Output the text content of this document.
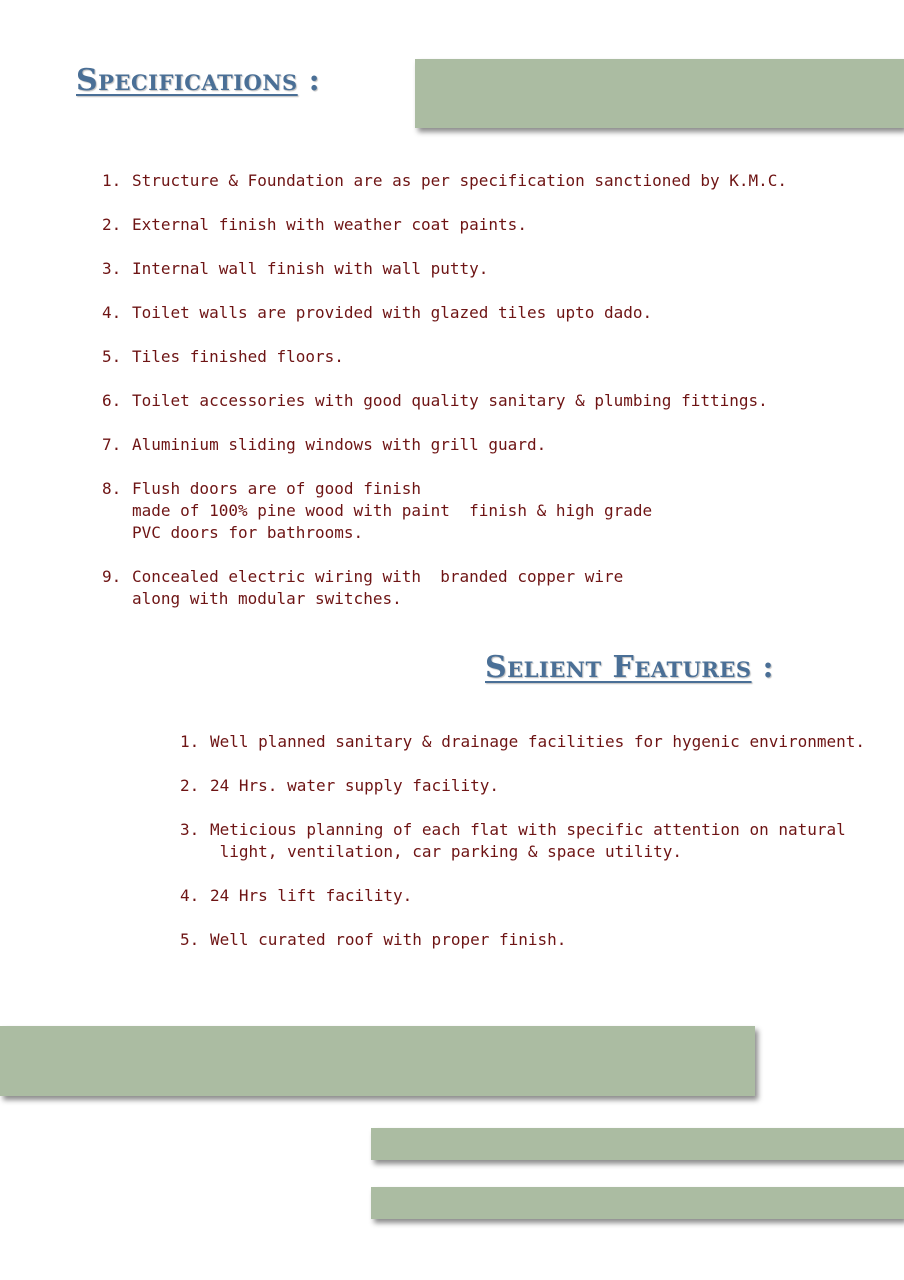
Specifications :
1. Structure & Foundation are as per specification sanctioned by K.M.C.
2. External finish with weather coat paints.
3. Internal wall finish with wall putty.
4. Toilet walls are provided with glazed tiles upto dado.
5. Tiles finished floors.
6. Toilet accessories with good quality sanitary & plumbing fittings.
7. Aluminium sliding windows with grill guard.
8. Flush doors are of good finish
made of 100% pine wood with paint  finish & high grade
PVC doors for bathrooms.
9. Concealed electric wiring with  branded copper wire
along with modular switches.
Selient Features :
1. Well planned sanitary & drainage facilities for hygenic environment.
2. 24 Hrs. water supply facility.
3. Meticious planning of each flat with specific attention on natural
light, ventilation, car parking & space utility.
4. 24 Hrs lift facility.
5. Well curated roof with proper finish.
